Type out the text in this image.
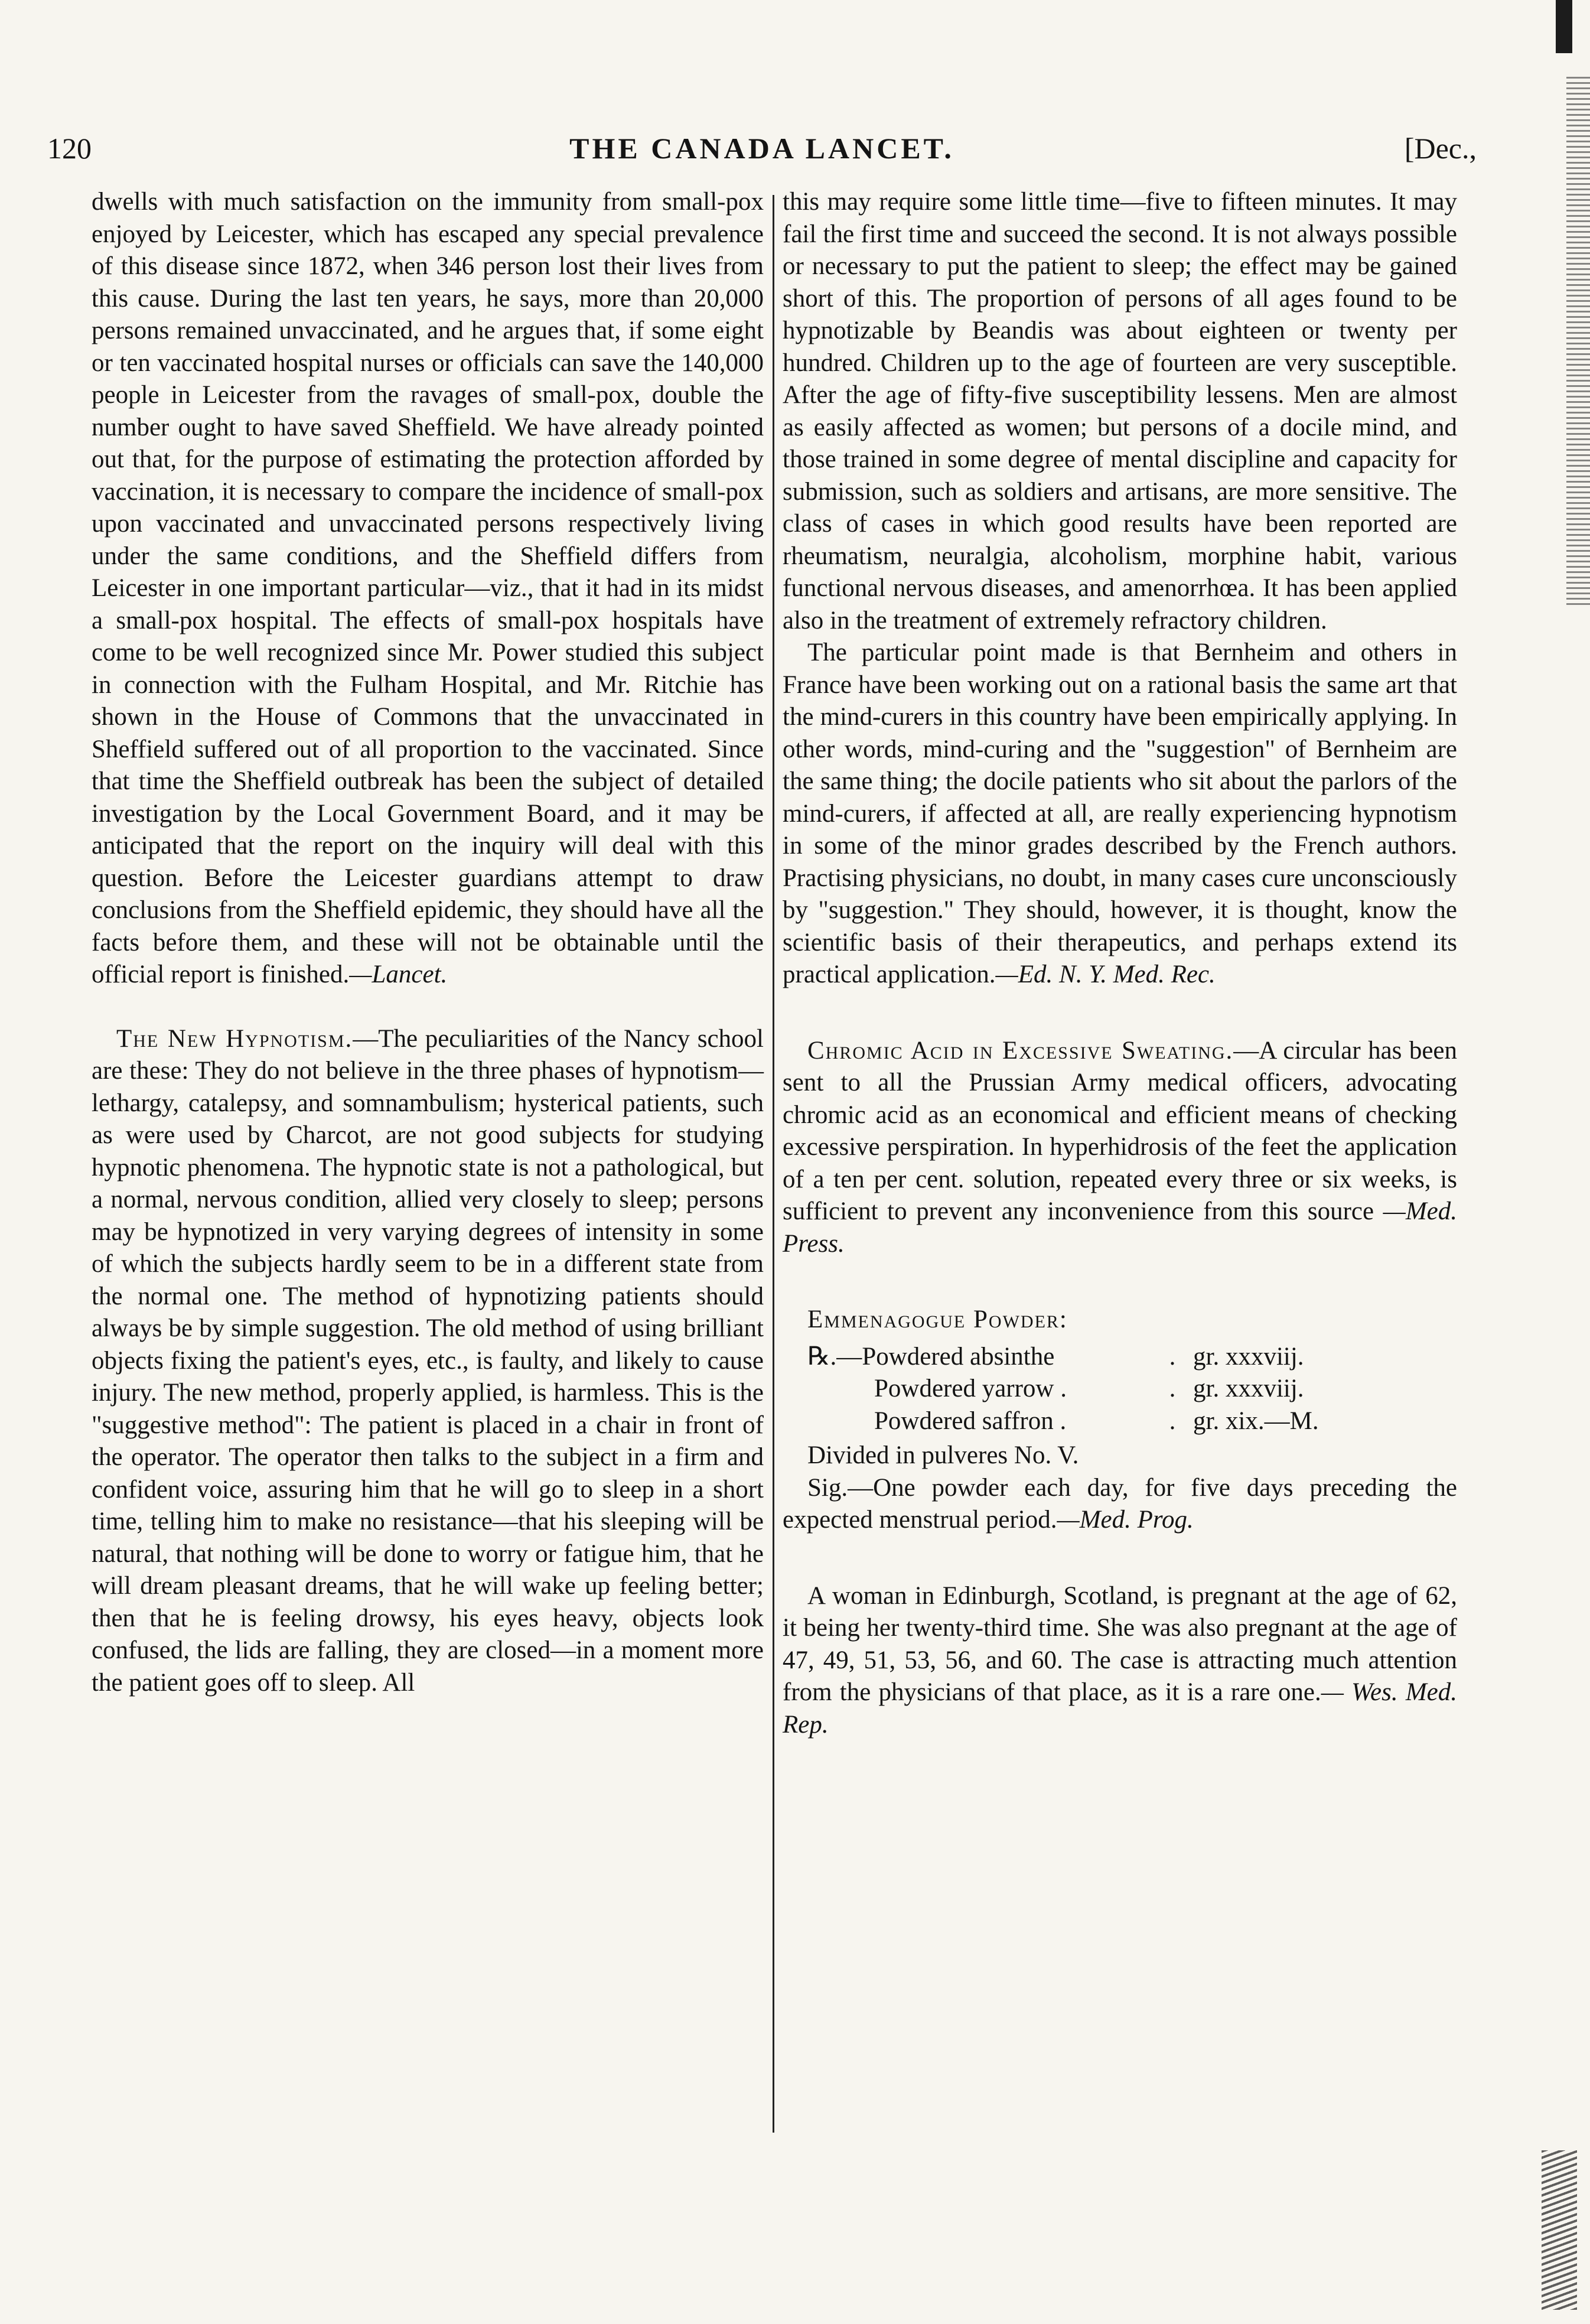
120	THE CANADA LANCET.	[Dec.,

dwells with much satisfaction on the immunity from small-pox enjoyed by Leicester, which has escaped any special prevalence of this disease since 1872, when 346 person lost their lives from this cause. During the last ten years, he says, more than 20,000 persons remained unvaccinated, and he argues that, if some eight or ten vaccinated hospital nurses or officials can save the 140,000 people in Leicester from the ravages of small-pox, double the number ought to have saved Sheffield. We have already pointed out that, for the purpose of estimating the protection afforded by vaccination, it is necessary to compare the incidence of small-pox upon vaccinated and unvaccinated persons respectively living under the same conditions, and the Sheffield differs from Leicester in one important particular—viz., that it had in its midst a small-pox hospital. The effects of small-pox hospitals have come to be well recognized since Mr. Power studied this subject in connection with the Fulham Hospital, and Mr. Ritchie has shown in the House of Commons that the unvaccinated in Sheffield suffered out of all proportion to the vaccinated. Since that time the Sheffield outbreak has been the subject of detailed investigation by the Local Government Board, and it may be anticipated that the report on the inquiry will deal with this question. Before the Leicester guardians attempt to draw conclusions from the Sheffield epidemic, they should have all the facts before them, and these will not be obtainable until the official report is finished.—Lancet.

The New Hypnotism.—The peculiarities of the Nancy school are these: They do not believe in the three phases of hypnotism—lethargy, catalepsy, and somnambulism; hysterical patients, such as were used by Charcot, are not good subjects for studying hypnotic phenomena. The hypnotic state is not a pathological, but a normal, nervous condition, allied very closely to sleep; persons may be hypnotized in very varying degrees of intensity in some of which the subjects hardly seem to be in a different state from the normal one. The method of hypnotizing patients should always be by simple suggestion. The old method of using brilliant objects fixing the patient's eyes, etc., is faulty, and likely to cause injury. The new method, properly applied, is harmless. This is the "suggestive method": The patient is placed in a chair in front of the operator. The operator then talks to the subject in a firm and confident voice, assuring him that he will go to sleep in a short time, telling him to make no resistance—that his sleeping will be natural, that nothing will be done to worry or fatigue him, that he will dream pleasant dreams, that he will wake up feeling better; then that he is feeling drowsy, his eyes heavy, objects look confused, the lids are falling, they are closed—in a moment more the patient goes off to sleep. All

this may require some little time—five to fifteen minutes. It may fail the first time and succeed the second. It is not always possible or necessary to put the patient to sleep; the effect may be gained short of this. The proportion of persons of all ages found to be hypnotizable by Beandis was about eighteen or twenty per hundred. Children up to the age of fourteen are very susceptible. After the age of fifty-five susceptibility lessens. Men are almost as easily affected as women; but persons of a docile mind, and those trained in some degree of mental discipline and capacity for submission, such as soldiers and artisans, are more sensitive. The class of cases in which good results have been reported are rheumatism, neuralgia, alcoholism, morphine habit, various functional nervous diseases, and amenorrhœa. It has been applied also in the treatment of extremely refractory children.

The particular point made is that Bernheim and others in France have been working out on a rational basis the same art that the mind-curers in this country have been empirically applying. In other words, mind-curing and the "suggestion" of Bernheim are the same thing; the docile patients who sit about the parlors of the mind-curers, if affected at all, are really experiencing hypnotism in some of the minor grades described by the French authors. Practising physicians, no doubt, in many cases cure unconsciously by "suggestion." They should, however, it is thought, know the scientific basis of their therapeutics, and perhaps extend its practical application.—Ed. N. Y. Med. Rec.

Chromic Acid in Excessive Sweating.—A circular has been sent to all the Prussian Army medical officers, advocating chromic acid as an economical and efficient means of checking excessive perspiration. In hyperhidrosis of the feet the application of a ten per cent. solution, repeated every three or six weeks, is sufficient to prevent any inconvenience from this source —Med. Press.

Emmenagogue Powder:

℞.—Powdered absinthe	.	gr. xxxviij.
Powdered yarrow .	.	gr. xxxviij.
Powdered saffron .	.	gr. xix.—M.

Divided in pulveres No. V.

Sig.—One powder each day, for five days preceding the expected menstrual period.—Med. Prog.

A woman in Edinburgh, Scotland, is pregnant at the age of 62, it being her twenty-third time. She was also pregnant at the age of 47, 49, 51, 53, 56, and 60. The case is attracting much attention from the physicians of that place, as it is a rare one.— Wes. Med. Rep.
